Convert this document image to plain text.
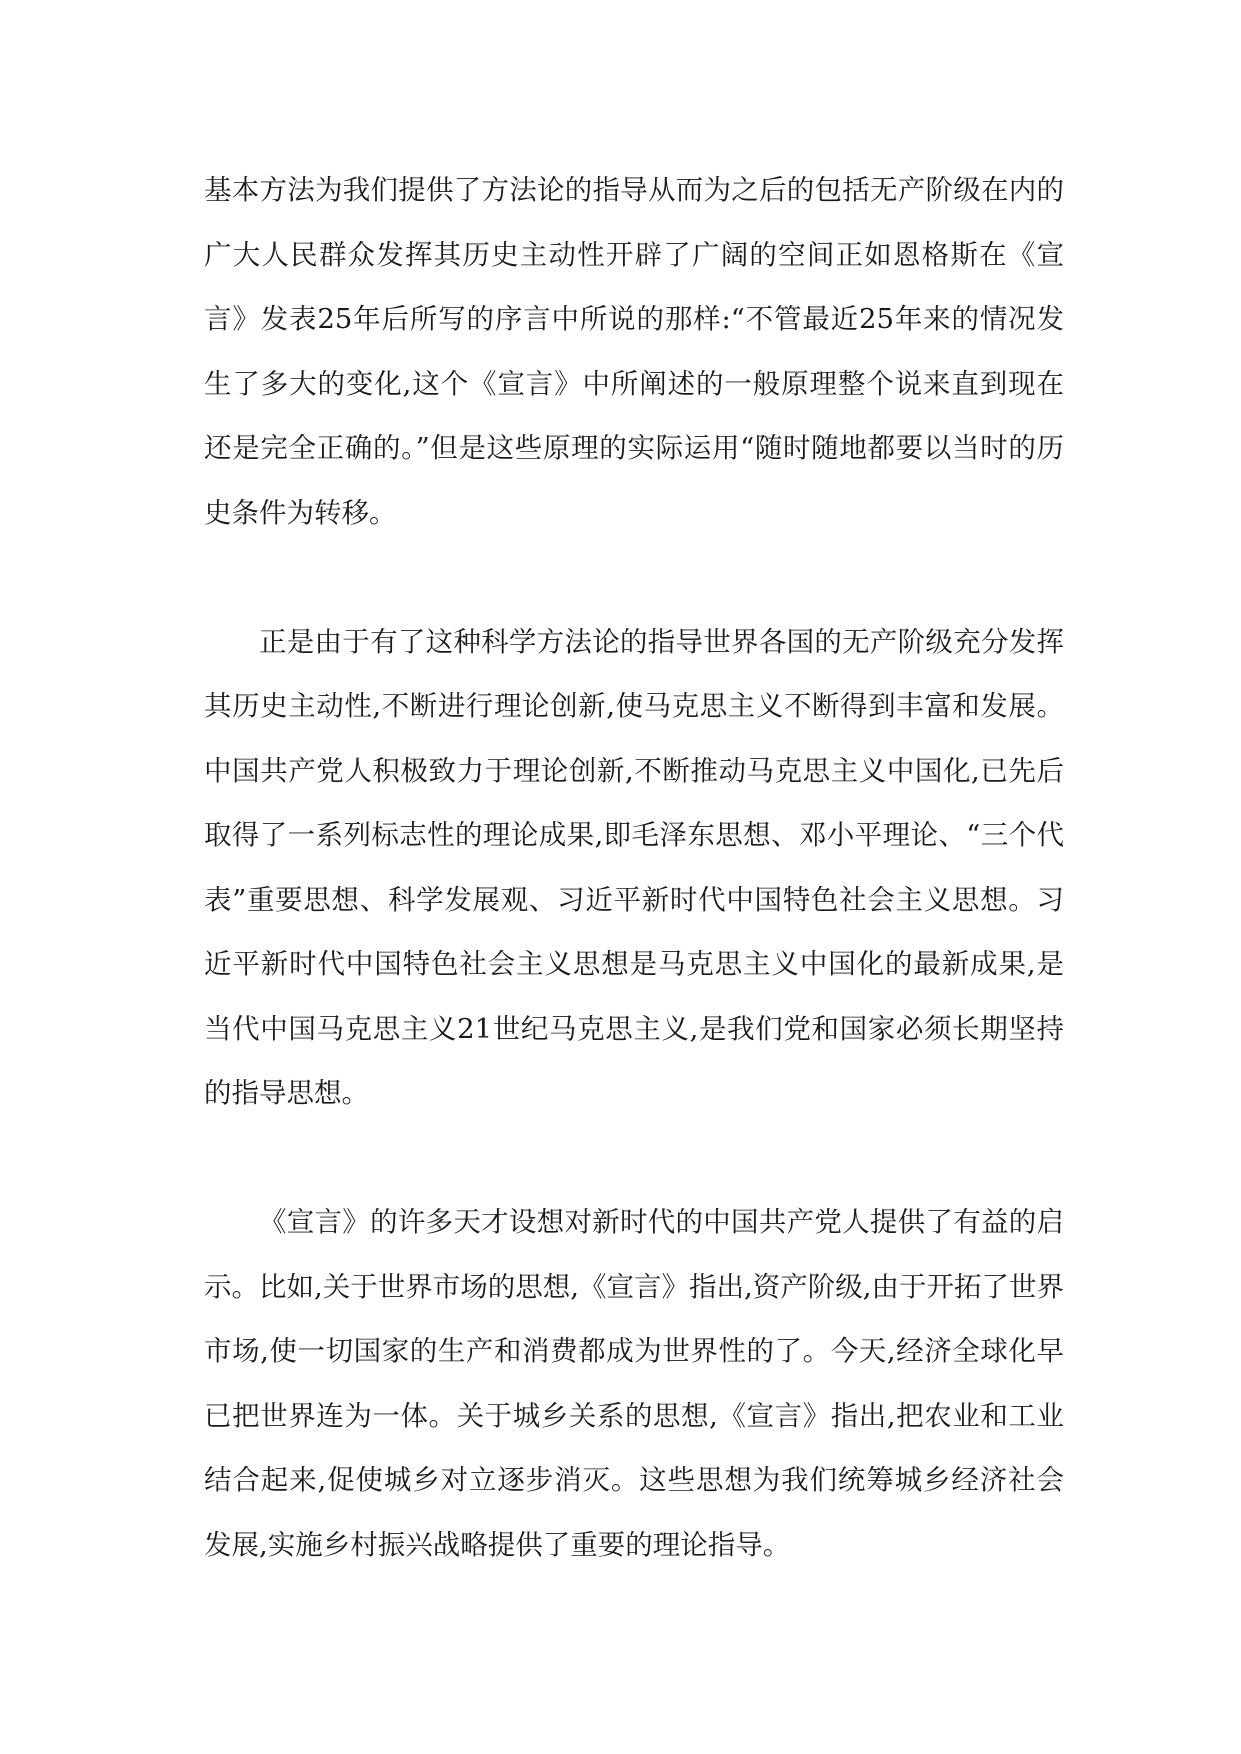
基本方法为我们提供了方法论的指导从而为之后的包括无产阶级在内的广大人民群众发挥其历史主动性开辟了广阔的空间正如恩格斯在《宣言》发表25年后所写的序言中所说的那样:“不管最近25年来的情况发生了多大的变化,这个《宣言》中所阐述的一般原理整个说来直到现在还是完全正确的。”但是这些原理的实际运用“随时随地都要以当时的历史条件为转移。

正是由于有了这种科学方法论的指导世界各国的无产阶级充分发挥其历史主动性,不断进行理论创新,使马克思主义不断得到丰富和发展。中国共产党人积极致力于理论创新,不断推动马克思主义中国化,已先后取得了一系列标志性的理论成果,即毛泽东思想、邓小平理论、“三个代表”重要思想、科学发展观、习近平新时代中国特色社会主义思想。习近平新时代中国特色社会主义思想是马克思主义中国化的最新成果,是当代中国马克思主义21世纪马克思主义,是我们党和国家必须长期坚持的指导思想。

《宣言》的许多天才设想对新时代的中国共产党人提供了有益的启示。比如,关于世界市场的思想,《宣言》指出,资产阶级,由于开拓了世界市场,使一切国家的生产和消费都成为世界性的了。今天,经济全球化早已把世界连为一体。关于城乡关系的思想,《宣言》指出,把农业和工业结合起来,促使城乡对立逐步消灭。这些思想为我们统筹城乡经济社会发展,实施乡村振兴战略提供了重要的理论指导。
